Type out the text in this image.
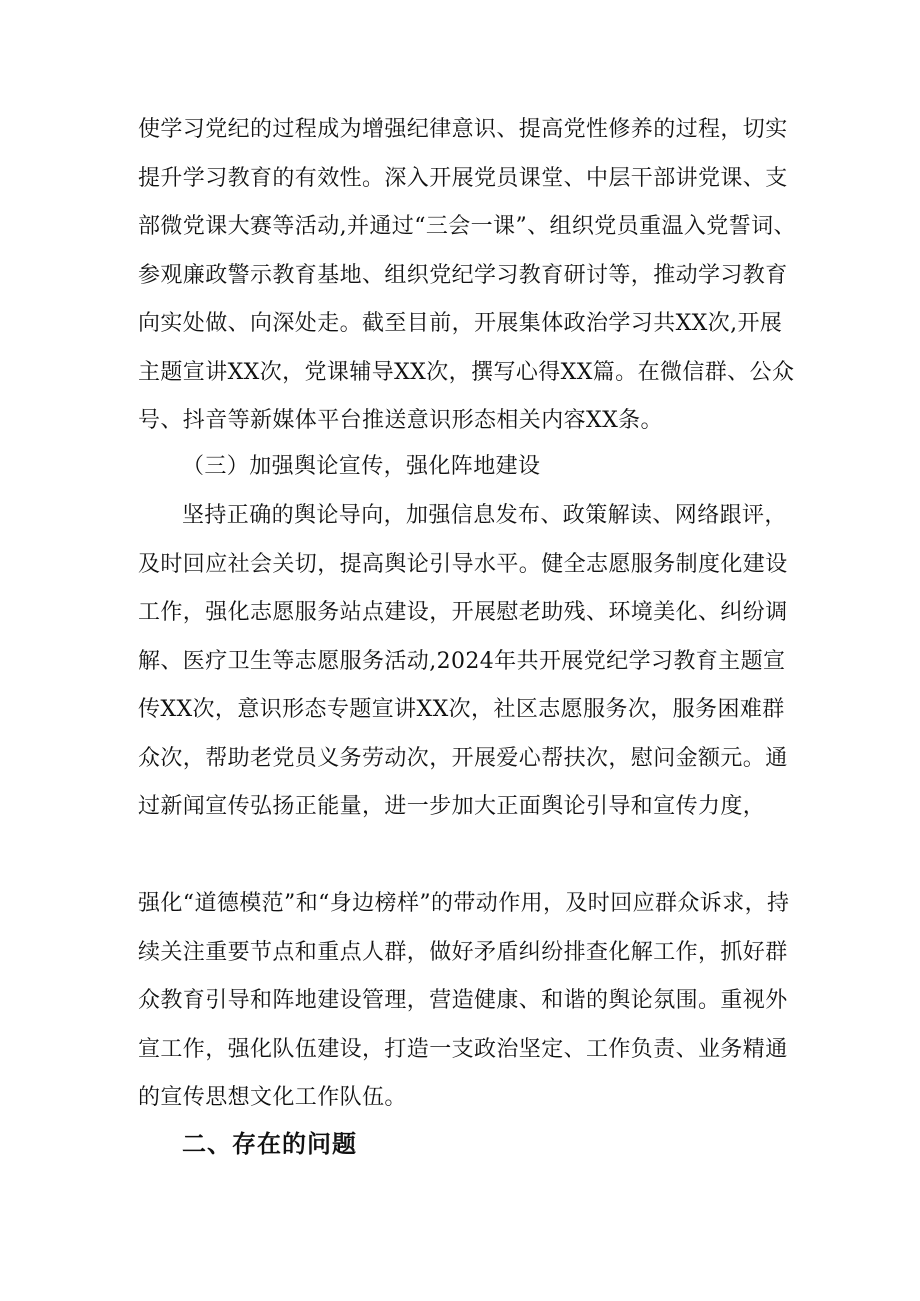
使学习党纪的过程成为增强纪律意识、提高党性修养的过程，切实提升学习教育的有效性。深入开展党员课堂、中层干部讲党课、支部微党课大赛等活动,并通过“三会一课”、组织党员重温入党誓词、参观廉政警示教育基地、组织党纪学习教育研讨等，推动学习教育向实处做、向深处走。截至目前，开展集体政治学习共XX次,开展主题宣讲XX次，党课辅导XX次，撰写心得XX篇。在微信群、公众号、抖音等新媒体平台推送意识形态相关内容XX条。

（三）加强舆论宣传，强化阵地建设

坚持正确的舆论导向，加强信息发布、政策解读、网络跟评，及时回应社会关切，提高舆论引导水平。健全志愿服务制度化建设工作，强化志愿服务站点建设，开展慰老助残、环境美化、纠纷调解、医疗卫生等志愿服务活动,2024年共开展党纪学习教育主题宣传XX次，意识形态专题宣讲XX次，社区志愿服务次，服务困难群众次，帮助老党员义务劳动次，开展爱心帮扶次，慰问金额元。通过新闻宣传弘扬正能量，进一步加大正面舆论引导和宣传力度，

强化“道德模范”和“身边榜样”的带动作用，及时回应群众诉求，持续关注重要节点和重点人群，做好矛盾纠纷排查化解工作，抓好群众教育引导和阵地建设管理，营造健康、和谐的舆论氛围。重视外宣工作，强化队伍建设，打造一支政治坚定、工作负责、业务精通的宣传思想文化工作队伍。

二、存在的问题
